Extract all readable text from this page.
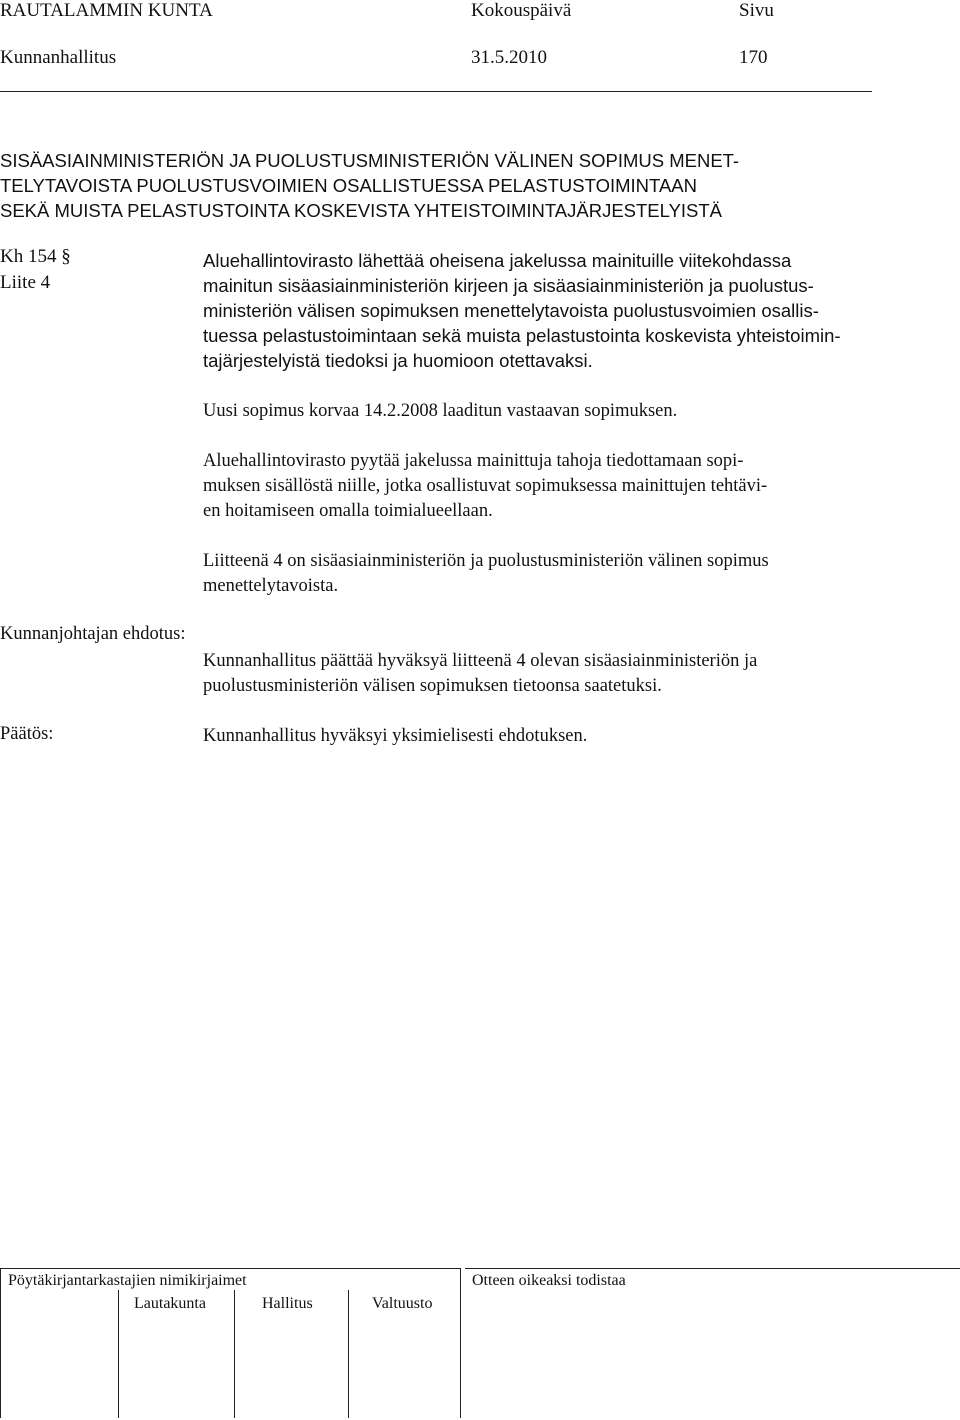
RAUTALAMMIN KUNTA	Kokouspäivä	Sivu
Kunnanhallitus	31.5.2010	170
SISÄASIAINMINISTERIÖN JA PUOLUSTUSMINISTERIÖN VÄLINEN SOPIMUS MENET-
TELYTAVOISTA PUOLUSTUSVOIMIEN OSALLISTUESSA PELASTUSTOIMINTAAN
SEKÄ MUISTA PELASTUSTOINTA KOSKEVISTA YHTEISTOIMINTAJÄRJESTELYISTÄ
Kh 154 §
Liite 4
Aluehallintovirasto lähettää oheisena jakelussa mainituille viitekohdassa
mainitun sisäasiainministeriön kirjeen ja sisäasiainministeriön ja puolustus-
ministeriön välisen sopimuksen menettelytavoista puolustusvoimien osallis-
tuessa pelastustoimintaan sekä muista pelastustointa koskevista yhteistoimin-
tajärjestelyistä tiedoksi ja huomioon otettavaksi.
Uusi sopimus korvaa 14.2.2008 laaditun vastaavan sopimuksen.
Aluehallintovirasto pyytää jakelussa mainittuja tahoja tiedottamaan sopi-
muksen sisällöstä niille, jotka osallistuvat sopimuksessa mainittujen tehtävi-
en hoitamiseen omalla toimialueellaan.
Liitteenä 4 on sisäasiainministeriön ja puolustusministeriön välinen sopimus
menettelytavoista.
Kunnanjohtajan ehdotus:
Kunnanhallitus päättää hyväksyä liitteenä 4 olevan sisäasiainministeriön ja
puolustusministeriön välisen sopimuksen tietoonsa saatetuksi.
Päätös:	Kunnanhallitus hyväksyi yksimielisesti ehdotuksen.
Pöytäkirjantarkastajien nimikirjaimet	Otteen oikeaksi todistaa
Lautakunta	Hallitus	Valtuusto
